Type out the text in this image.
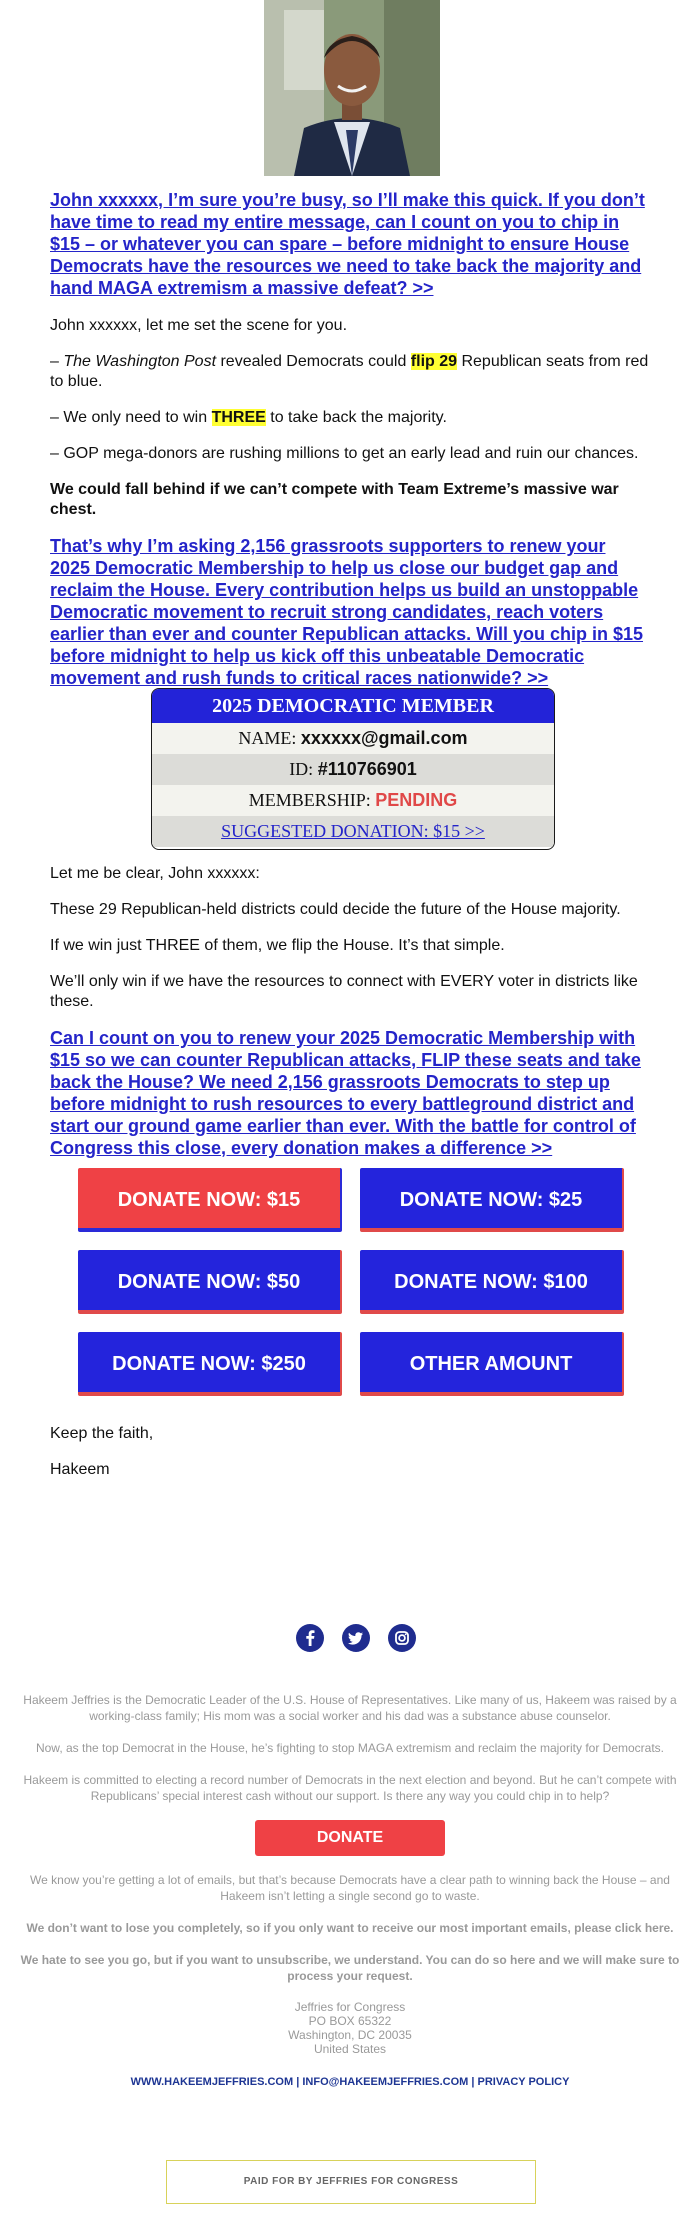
John xxxxxx, I’m sure you’re busy, so I’ll make this quick. If you don’t have time to read my entire message, can I count on you to chip in $15 – or whatever you can spare – before midnight to ensure House Democrats have the resources we need to take back the majority and hand MAGA extremism a massive defeat? >>

John xxxxxx, let me set the scene for you.

– The Washington Post revealed Democrats could flip 29 Republican seats from red to blue.

– We only need to win THREE to take back the majority.

– GOP mega-donors are rushing millions to get an early lead and ruin our chances.

We could fall behind if we can’t compete with Team Extreme’s massive war chest.

That’s why I’m asking 2,156 grassroots supporters to renew your 2025 Democratic Membership to help us close our budget gap and reclaim the House. Every contribution helps us build an unstoppable Democratic movement to recruit strong candidates, reach voters earlier than ever and counter Republican attacks. Will you chip in $15 before midnight to help us kick off this unbeatable Democratic movement and rush funds to critical races nationwide? >>

2025 DEMOCRATIC MEMBER
NAME: xxxxxx@gmail.com
ID: #110766901
MEMBERSHIP: PENDING
SUGGESTED DONATION: $15 >>

Let me be clear, John xxxxxx:

These 29 Republican-held districts could decide the future of the House majority.

If we win just THREE of them, we flip the House. It’s that simple.

We’ll only win if we have the resources to connect with EVERY voter in districts like these.

Can I count on you to renew your 2025 Democratic Membership with $15 so we can counter Republican attacks, FLIP these seats and take back the House? We need 2,156 grassroots Democrats to step up before midnight to rush resources to every battleground district and start our ground game earlier than ever. With the battle for control of Congress this close, every donation makes a difference >>

DONATE NOW: $15	DONATE NOW: $25
DONATE NOW: $50	DONATE NOW: $100
DONATE NOW: $250	OTHER AMOUNT

Keep the faith,

Hakeem

Hakeem Jeffries is the Democratic Leader of the U.S. House of Representatives. Like many of us, Hakeem was raised by a working-class family; His mom was a social worker and his dad was a substance abuse counselor.

Now, as the top Democrat in the House, he’s fighting to stop MAGA extremism and reclaim the majority for Democrats.

Hakeem is committed to electing a record number of Democrats in the next election and beyond. But he can’t compete with Republicans’ special interest cash without our support. Is there any way you could chip in to help?

DONATE

We know you’re getting a lot of emails, but that’s because Democrats have a clear path to winning back the House – and Hakeem isn’t letting a single second go to waste.

We don’t want to lose you completely, so if you only want to receive our most important emails, please click here.

We hate to see you go, but if you want to unsubscribe, we understand. You can do so here and we will make sure to process your request.

Jeffries for Congress
PO BOX 65322
Washington, DC 20035
United States
WWW.HAKEEMJEFFRIES.COM | INFO@HAKEEMJEFFRIES.COM | PRIVACY POLICY
PAID FOR BY JEFFRIES FOR CONGRESS
